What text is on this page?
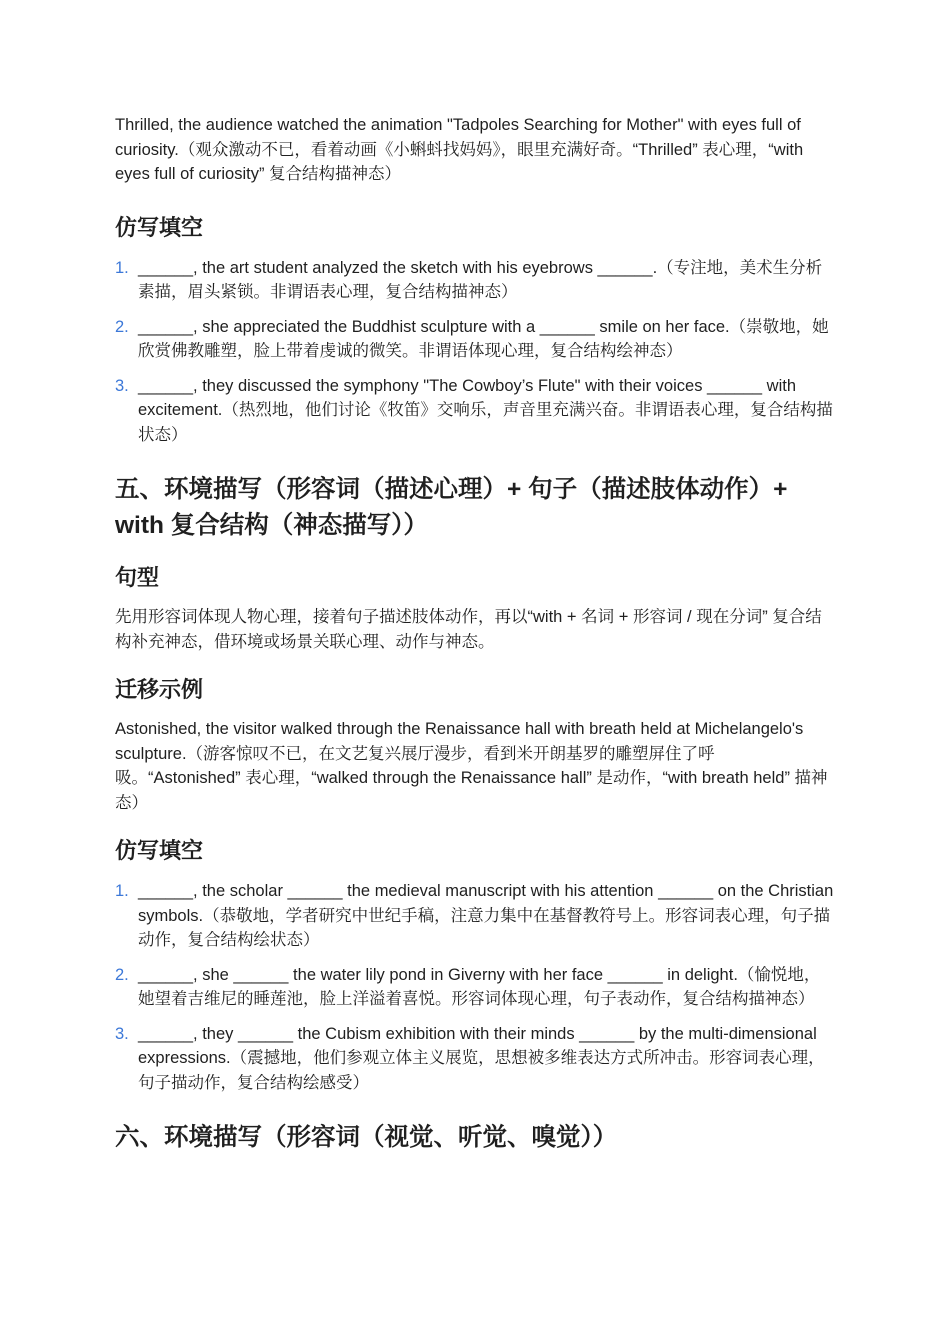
Thrilled, the audience watched the animation "Tadpoles Searching for Mother" with eyes full of curiosity.（观众激动不已，看着动画《小蝌蚪找妈妈》，眼里充满好奇。“Thrilled” 表心理，“with eyes full of curiosity” 复合结构描神态）

仿写填空
1. ______, the art student analyzed the sketch with his eyebrows ______.（专注地，美术生分析素描，眉头紧锁。非谓语表心理，复合结构描神态）
2. ______, she appreciated the Buddhist sculpture with a ______ smile on her face.（崇敬地，她欣赏佛教雕塑，脸上带着虔诚的微笑。非谓语体现心理，复合结构绘神态）
3. ______, they discussed the symphony "The Cowboy’s Flute" with their voices ______ with excitement.（热烈地，他们讨论《牧笛》交响乐，声音里充满兴奋。非谓语表心理，复合结构描状态）
五、环境描写（形容词（描述心理）+ 句子（描述肢体动作）+ with 复合结构（神态描写））
句型

先用形容词体现人物心理，接着句子描述肢体动作，再以“with + 名词 + 形容词 / 现在分词” 复合结构补充神态，借环境或场景关联心理、动作与神态。

迁移示例

Astonished, the visitor walked through the Renaissance hall with breath held at Michelangelo's sculpture.（游客惊叹不已，在文艺复兴展厅漫步，看到米开朗基罗的雕塑屏住了呼吸。“Astonished” 表心理，“walked through the Renaissance hall” 是动作，“with breath held” 描神态）

仿写填空
1. ______, the scholar ______ the medieval manuscript with his attention ______ on the Christian symbols.（恭敬地，学者研究中世纪手稿，注意力集中在基督教符号上。形容词表心理，句子描动作，复合结构绘状态）
2. ______, she ______ the water lily pond in Giverny with her face ______ in delight.（愉悦地，她望着吉维尼的睡莲池，脸上洋溢着喜悦。形容词体现心理，句子表动作，复合结构描神态）
3. ______, they ______ the Cubism exhibition with their minds ______ by the multi-dimensional expressions.（震撼地，他们参观立体主义展览，思想被多维表达方式所冲击。形容词表心理，句子描动作，复合结构绘感受）
六、环境描写（形容词（视觉、听觉、嗅觉））
